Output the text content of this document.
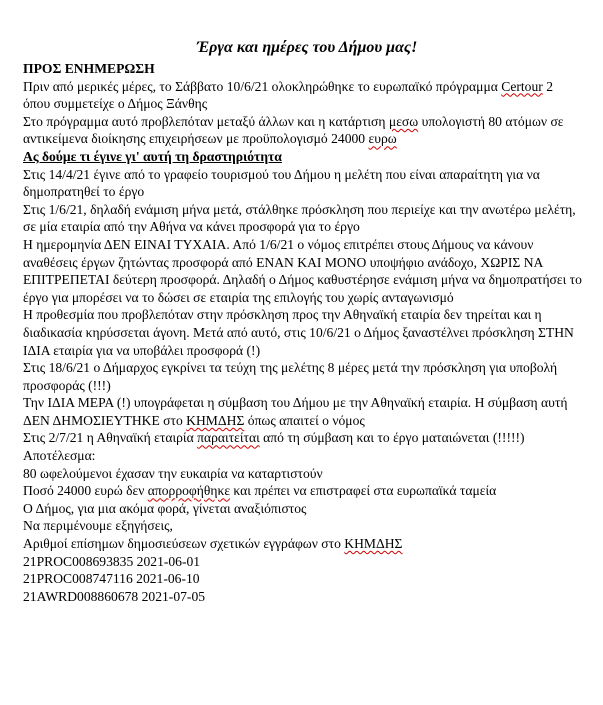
Έργα και ημέρες του Δήμου μας!
ΠΡΟΣ ΕΝΗΜΕΡΩΣΗ
Πριν από μερικές μέρες, το Σάββατο 10/6/21 ολοκληρώθηκε το ευρωπαϊκό πρόγραμμα Certour 2 όπου συμμετείχε ο Δήμος Ξάνθης
Στο πρόγραμμα αυτό προβλεπόταν μεταξύ άλλων και η κατάρτιση μεσω υπολογιστή 80 ατόμων σε αντικείμενα διοίκησης επιχειρήσεων με προϋπολογισμό 24000 ευρω
Ας δούμε τι έγινε γι' αυτή τη δραστηριότητα
Στις 14/4/21 έγινε από το γραφείο τουρισμού του Δήμου η μελέτη που είναι απαραίτητη για να δημοπρατηθεί το έργο
Στις 1/6/21, δηλαδή ενάμιση μήνα μετά, στάλθηκε πρόσκληση που περιείχε και την ανωτέρω μελέτη, σε μία εταιρία από την Αθήνα να κάνει προσφορά για το έργο
Η ημερομηνία ΔΕΝ ΕΙΝΑΙ ΤΥΧΑΙΑ. Από 1/6/21 ο νόμος επιτρέπει στους Δήμους να κάνουν αναθέσεις έργων ζητώντας προσφορά από ΕΝΑΝ ΚΑΙ ΜΟΝΟ υποψήφιο ανάδοχο, ΧΩΡΙΣ ΝΑ ΕΠΙΤΡΕΠΕΤΑΙ δεύτερη προσφορά. Δηλαδή ο Δήμος καθυστέρησε ενάμιση μήνα να δημοπρατήσει το έργο για μπορέσει να το δώσει σε εταιρία της επιλογής του χωρίς ανταγωνισμό
Η προθεσμία που προβλεπόταν στην πρόσκληση προς την Αθηναϊκή εταιρία δεν τηρείται και η διαδικασία κηρύσσεται άγονη. Μετά από αυτό, στις 10/6/21 ο Δήμος ξαναστέλνει πρόσκληση ΣΤΗΝ ΙΔΙΑ εταιρία για να υποβάλει προσφορά (!)
Στις 18/6/21 ο Δήμαρχος εγκρίνει τα τεύχη της μελέτης 8 μέρες μετά την πρόσκληση για υποβολή προσφοράς (!!!)
Την ΙΔΙΑ ΜΕΡΑ (!) υπογράφεται η σύμβαση του Δήμου με την Αθηναϊκή εταιρία. Η σύμβαση αυτή ΔΕΝ ΔΗΜΟΣΙΕΥΤΗΚΕ στο ΚΗΜΔΗΣ όπως απαιτεί ο νόμος
Στις 2/7/21 η Αθηναϊκή εταιρία παραιτείται από τη σύμβαση και το έργο ματαιώνεται (!!!!!)
Αποτέλεσμα:
80 ωφελούμενοι έχασαν την ευκαιρία να καταρτιστούν
Ποσό 24000 ευρώ δεν απορροφήθηκε και πρέπει να επιστραφεί στα ευρωπαϊκά ταμεία
Ο Δήμος, για μια ακόμα φορά, γίνεται αναξιόπιστος
Να περιμένουμε εξηγήσεις,
Αριθμοί επίσημων δημοσιεύσεων σχετικών εγγράφων στο ΚΗΜΔΗΣ
21PROC008693835 2021-06-01
21PROC008747116 2021-06-10
21AWRD008860678 2021-07-05
